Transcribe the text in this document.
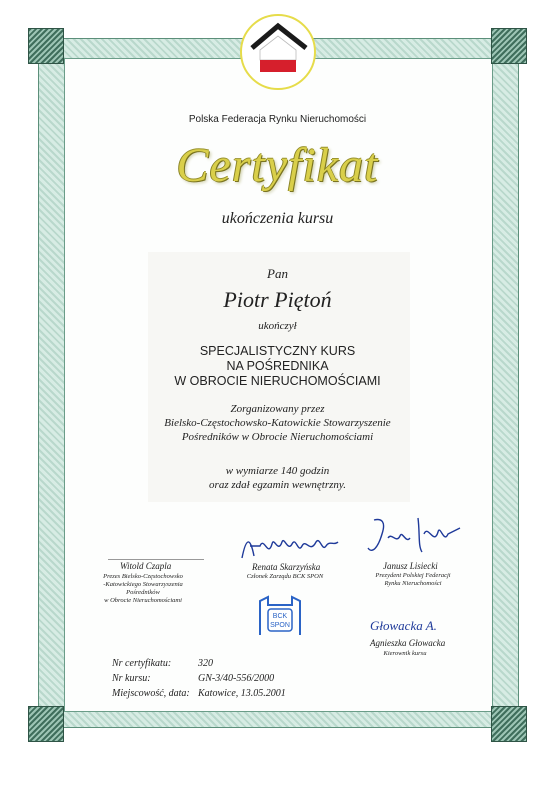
Polska Federacja Rynku Nieruchomości
Certyfikat
ukończenia kursu
Pan
Piotr Piętoń
ukończył
SPECJALISTYCZNY KURS
NA POŚREDNIKA
W OBROCIE NIERUCHOMOŚCIAMI
Zorganizowany przez
Bielsko-Częstochowsko-Katowickie Stowarzyszenie
Pośredników w Obrocie Nieruchomościami
w wymiarze 140 godzin
oraz zdał egzamin wewnętrzny.
Witold Czapla
Prezes Bielsko-Częstochowsko
-Katowickiego Stowarzyszenia
Pośredników
w Obrocie Nieruchomościami
Renata Skarzyńska
Członek Zarządu BCK SPON
Janusz Lisiecki
Prezydent Polskiej Federacji
Rynku Nieruchomości
BCK
SPON	Głowacka A.
Agnieszka Głowacka
Kierownik kursu
Nr certyfikatu:	320
Nr kursu:	GN-3/40-556/2000
Miejscowość, data: Katowice, 13.05.2001
